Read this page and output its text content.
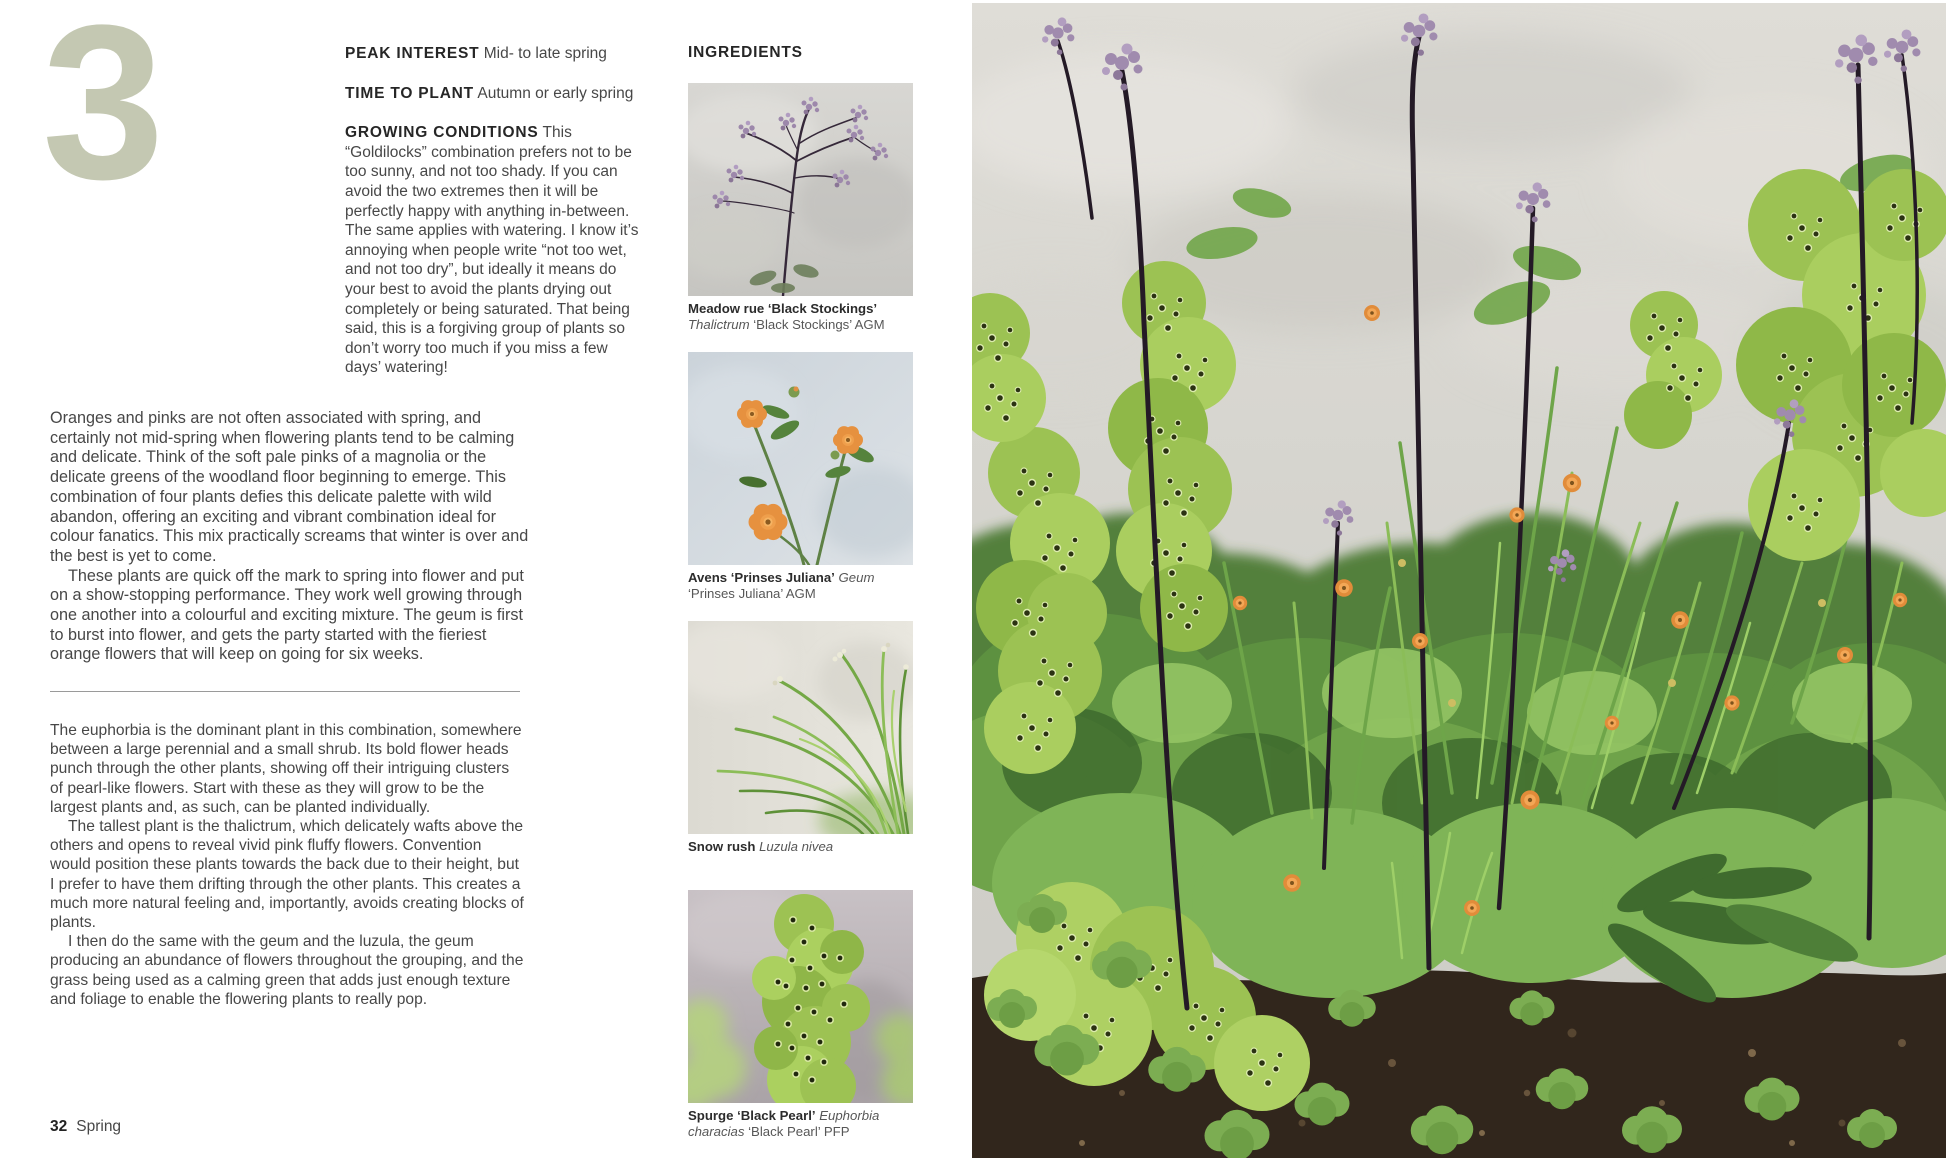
3	PEAK INTEREST Mid- to late spring

TIME TO PLANT Autumn or early spring

GROWING CONDITIONS This “Goldilocks” combination prefers not to be too sunny, and not too shady. If you can avoid the two extremes then it will be perfectly happy with anything in-between. The same applies with watering. I know it’s annoying when people write “not too wet, and not too dry”, but ideally it means do your best to avoid the plants drying out completely or being saturated. That being said, this is a forgiving group of plants so don’t worry too much if you miss a few days’ watering!

Oranges and pinks are not often associated with spring, and certainly not mid-spring when flowering plants tend to be calming and delicate. Think of the soft pale pinks of a magnolia or the delicate greens of the woodland floor beginning to emerge. This combination of four plants defies this delicate palette with wild abandon, offering an exciting and vibrant combination ideal for colour fanatics. This mix practically screams that winter is over and the best is yet to come.

These plants are quick off the mark to spring into flower and put on a show-stopping performance. They work well growing through one another into a colourful and exciting mixture. The geum is first to burst into flower, and gets the party started with the fieriest orange flowers that will keep on going for six weeks.

The euphorbia is the dominant plant in this combination, somewhere between a large perennial and a small shrub. Its bold flower heads punch through the other plants, showing off their intriguing clusters of pearl-like flowers. Start with these as they will grow to be the largest plants and, as such, can be planted individually.

The tallest plant is the thalictrum, which delicately wafts above the others and opens to reveal vivid pink fluffy flowers. Convention would position these plants towards the back due to their height, but I prefer to have them drifting through the other plants. This creates a much more natural feeling and, importantly, avoids creating blocks of plants.

I then do the same with the geum and the luzula, the geum producing an abundance of flowers throughout the grouping, and the grass being used as a calming green that adds just enough texture and foliage to enable the flowering plants to really pop.

32 Spring
INGREDIENTS

Meadow rue ‘Black Stockings’ Thalictrum ‘Black Stockings’ AGM

Avens ‘Prinses Juliana’ Geum ‘Prinses Juliana’ AGM

Snow rush Luzula nivea

Spurge ‘Black Pearl’ Euphorbia characias ‘Black Pearl’ PFP
